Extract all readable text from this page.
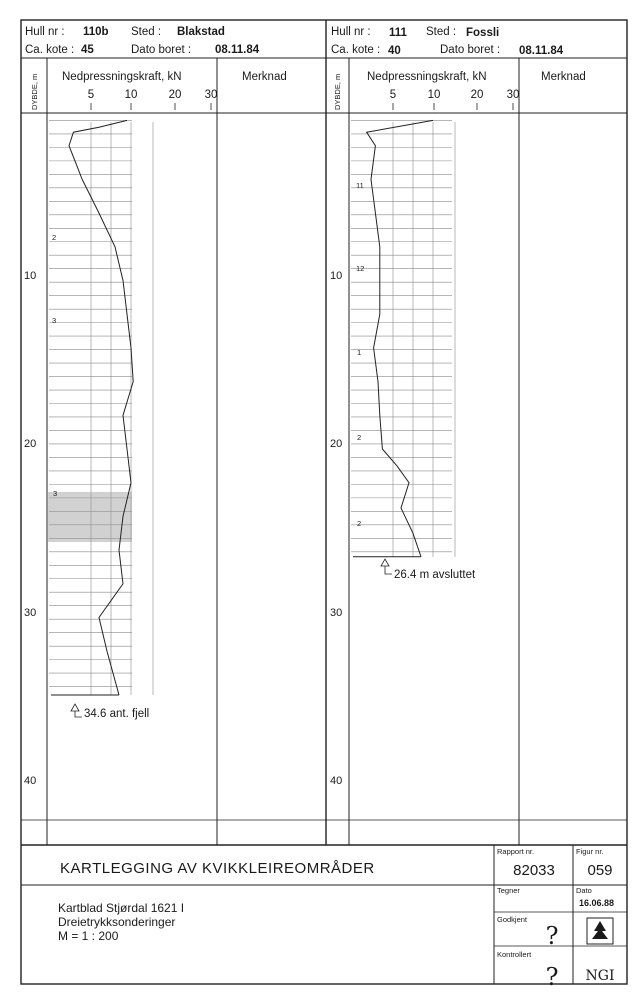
Hull nr : 110b Sted : Blakstad
Ca. kote : 45	Dato boret : 08.11.84
DYBDE, m Nedpressningskraft, kN	Merknad
5	10	20 30
10
20
30
40
34.6 ant. fjell
2
3
3
Hull nr : 111 Sted : Fossli
Ca. kote : 40	Dato boret : 08.11.84
DYBDE, m Nedpressningskraft, kN	Merknad
5	10	20 30
10
20
30
40
26.4 m avsluttet
11
12
1
2
2
KARTLEGGING AV KVIKKLEIREOMRÅDER
Kartblad Stjørdal 1621 I
Dreietrykksonderinger
M = 1 : 200
Rapport nr.
82033
Figur nr.
059
Tegner	Dato
16.06.88
Godkjent
?
Kontrollert
? NGI
